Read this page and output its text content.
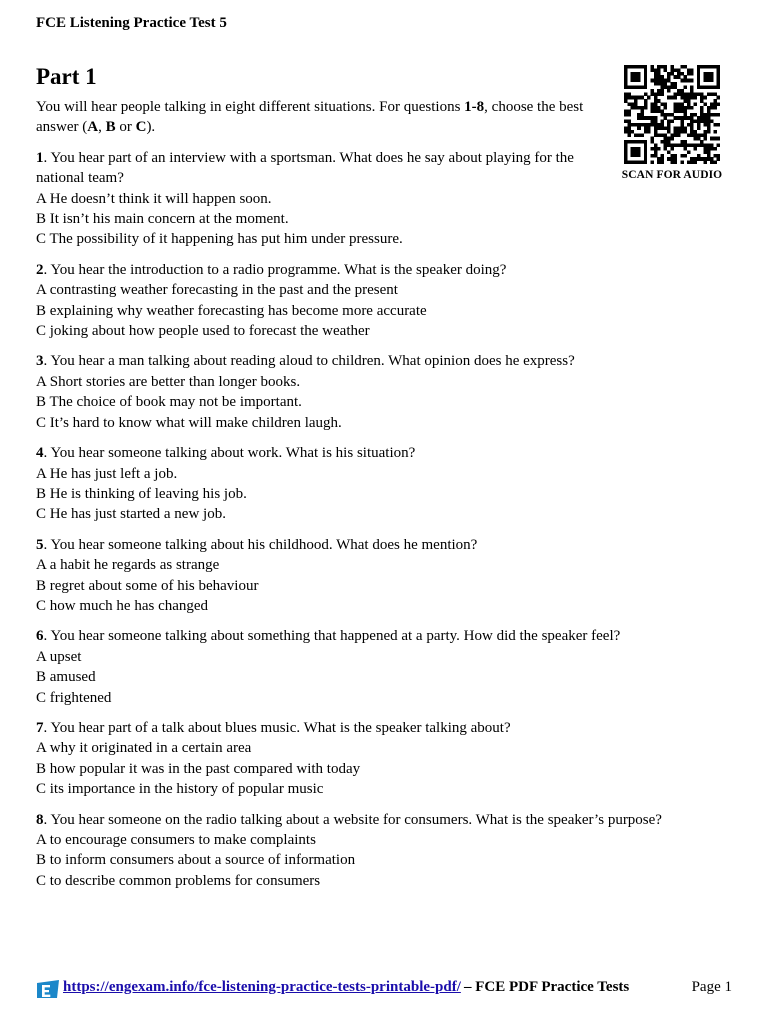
FCE Listening Practice Test 5
Part 1
SCAN FOR AUDIO

You will hear people talking in eight different situations. For questions 1-8, choose the best answer (A, B or C).

1. You hear part of an interview with a sportsman. What does he say about playing for the national team?
A He doesn’t think it will happen soon.
B It isn’t his main concern at the moment.
C The possibility of it happening has put him under pressure.
2. You hear the introduction to a radio programme. What is the speaker doing?
A contrasting weather forecasting in the past and the present
B explaining why weather forecasting has become more accurate
C joking about how people used to forecast the weather
3. You hear a man talking about reading aloud to children. What opinion does he express?
A Short stories are better than longer books.
B The choice of book may not be important.
C It’s hard to know what will make children laugh.
4. You hear someone talking about work. What is his situation?
A He has just left a job.
B He is thinking of leaving his job.
C He has just started a new job.
5. You hear someone talking about his childhood. What does he mention?
A a habit he regards as strange
B regret about some of his behaviour
C how much he has changed
6. You hear someone talking about something that happened at a party. How did the speaker feel?
A upset
B amused
C frightened
7. You hear part of a talk about blues music. What is the speaker talking about?
A why it originated in a certain area
B how popular it was in the past compared with today
C its importance in the history of popular music
8. You hear someone on the radio talking about a website for consumers. What is the speaker’s purpose?
A to encourage consumers to make complaints
B to inform consumers about a source of information
C to describe common problems for consumers
https://engexam.info/fce-listening-practice-tests-printable-pdf/ – FCE PDF Practice Tests	Page 1
